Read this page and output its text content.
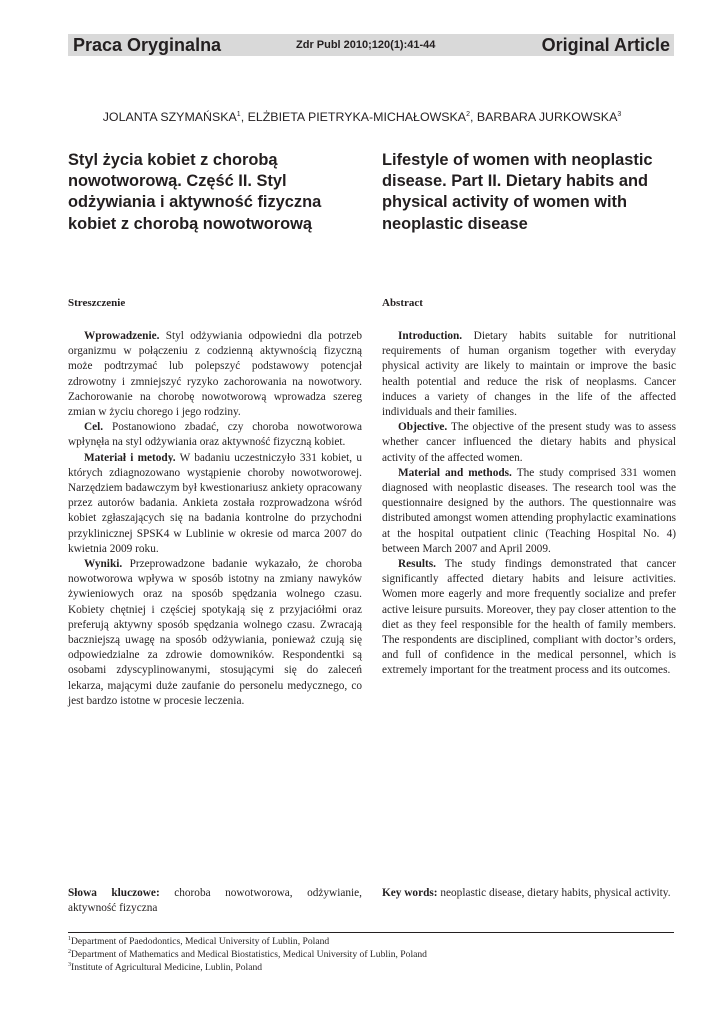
Praca Oryginalna	Zdr Publ 2010;120(1):41-44	Original Article
JOLANTA SZYMAŃSKA$^1$, ELŻBIETA PIETRYKA-MICHAŁOWSKA$^2$, BARBARA JURKOWSKA$^3$
Styl życia kobiet z chorobą nowotworową. Część II. Styl odżywiania i aktywność fizyczna kobiet z chorobą nowotworową
Lifestyle of women with neoplastic disease. Part II. Dietary habits and physical activity of women with neoplastic disease
Streszczenie	Abstract

Wprowadzenie. Styl odżywiania odpowiedni dla potrzeb organizmu w połączeniu z codzienną aktywnością fizyczną może podtrzymać lub polepszyć podstawowy potencjał zdrowotny i zmniejszyć ryzyko zachorowania na nowotwory. Zachorowanie na chorobę nowotworową wprowadza szereg zmian w życiu chorego i jego rodziny.

Cel. Postanowiono zbadać, czy choroba nowotworowa wpłynęła na styl odżywiania oraz aktywność fizyczną kobiet.

Materiał i metody. W badaniu uczestniczyło 331 kobiet, u których zdiagnozowano wystąpienie choroby nowotworowej. Narzędziem badawczym był kwestionariusz ankiety opracowany przez autorów badania. Ankieta została rozprowadzona wśród kobiet zgłaszających się na badania kontrolne do przychodni przyklinicznej SPSK4 w Lublinie w okresie od marca 2007 do kwietnia 2009 roku.

Wyniki. Przeprowadzone badanie wykazało, że choroba nowotworowa wpływa w sposób istotny na zmiany nawyków żywieniowych oraz na sposób spędzania wolnego czasu. Kobiety chętniej i częściej spotykają się z przyjaciółmi oraz preferują aktywny sposób spędzania wolnego czasu. Zwracają baczniejszą uwagę na sposób odżywiania, ponieważ czują się odpowiedzialne za zdrowie domowników. Respondentki są osobami zdyscyplinowanymi, stosującymi się do zaleceń lekarza, mającymi duże zaufanie do personelu medycznego, co jest bardzo istotne w procesie leczenia.

Introduction. Dietary habits suitable for nutritional requirements of human organism together with everyday physical activity are likely to maintain or improve the basic health potential and reduce the risk of neoplasms. Cancer induces a variety of changes in the life of the affected individuals and their families.

Objective. The objective of the present study was to assess whether cancer influenced the dietary habits and physical activity of the affected women.

Material and methods. The study comprised 331 women diagnosed with neoplastic diseases. The research tool was the questionnaire designed by the authors. The questionnaire was distributed amongst women attending prophylactic examinations at the hospital outpatient clinic (Teaching Hospital No. 4) between March 2007 and April 2009.

Results. The study findings demonstrated that cancer significantly affected dietary habits and leisure activities. Women more eagerly and more frequently socialize and prefer active leisure pursuits. Moreover, they pay closer attention to the diet as they feel responsible for the health of family members. The respondents are disciplined, compliant with doctor’s orders, and full of confidence in the medical personnel, which is extremely important for the treatment process and its outcomes.

Słowa kluczowe: choroba nowotworowa, odżywianie, aktywność fizyczna

Key words: neoplastic disease, dietary habits, physical activity.

$^1$Department of Paedodontics, Medical University of Lublin, Poland
$^2$Department of Mathematics and Medical Biostatistics, Medical University of Lublin, Poland
$^3$Institute of Agricultural Medicine, Lublin, Poland
